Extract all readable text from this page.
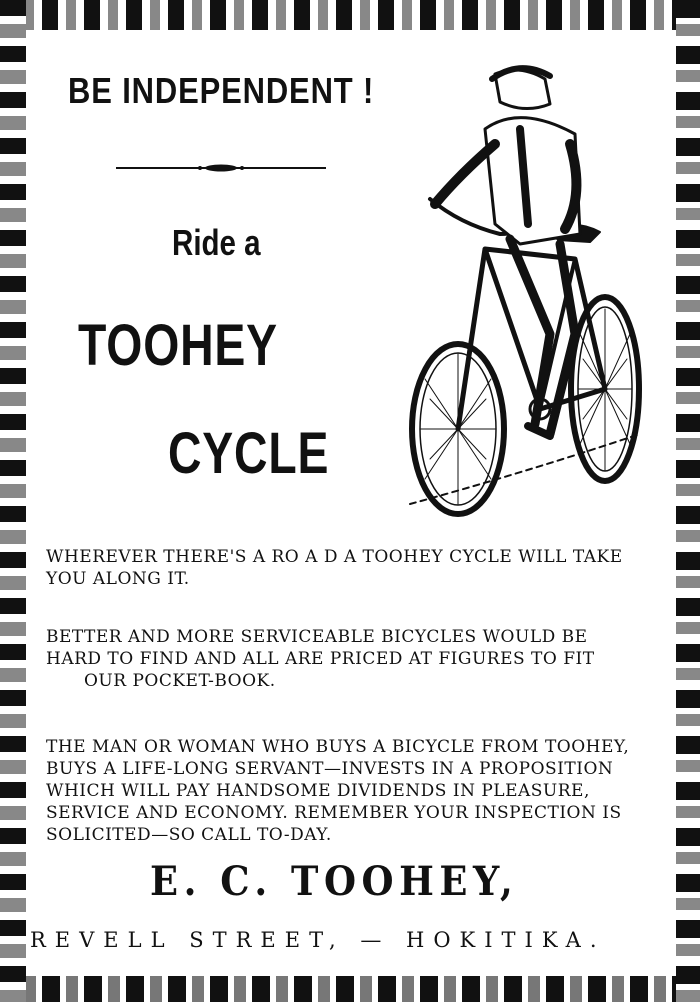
BE INDEPENDENT !
Ride a
TOOHEY
CYCLE

WHEREVER THERE'S A RO A D A TOOHEY CYCLE WILL TAKE
YOU ALONG IT.

BETTER AND MORE SERVICEABLE BICYCLES WOULD BE
HARD TO FIND AND ALL ARE PRICED AT FIGURES TO FIT
OUR POCKET-BOOK.

THE MAN OR WOMAN WHO BUYS A BICYCLE FROM TOOHEY,
BUYS A LIFE-LONG SERVANT—INVESTS IN A PROPOSITION
WHICH WILL PAY HANDSOME DIVIDENDS IN PLEASURE,
SERVICE AND ECONOMY. REMEMBER YOUR INSPECTION IS
SOLICITED—SO CALL TO-DAY.

E. C. TOOHEY,

REVELL STREET, — HOKITIKA.
